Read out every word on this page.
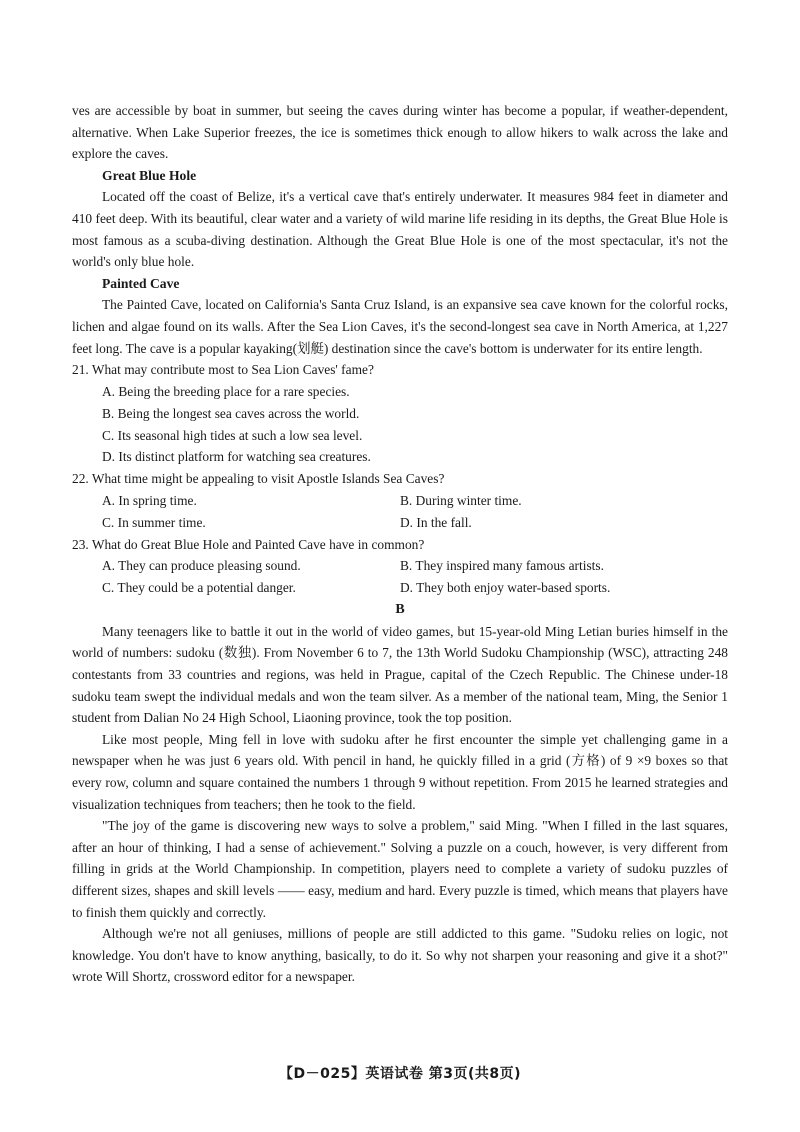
ves are accessible by boat in summer, but seeing the caves during winter has become a popular, if weather-dependent, alternative. When Lake Superior freezes, the ice is sometimes thick enough to allow hikers to walk across the lake and explore the caves.

Great Blue Hole

Located off the coast of Belize, it's a vertical cave that's entirely underwater. It measures 984 feet in diameter and 410 feet deep. With its beautiful, clear water and a variety of wild marine life residing in its depths, the Great Blue Hole is most famous as a scuba-diving destination. Although the Great Blue Hole is one of the most spectacular, it's not the world's only blue hole.

Painted Cave

The Painted Cave, located on California's Santa Cruz Island, is an expansive sea cave known for the colorful rocks, lichen and algae found on its walls. After the Sea Lion Caves, it's the second-longest sea cave in North America, at 1,227 feet long. The cave is a popular kayaking(划艇) destination since the cave's bottom is underwater for its entire length.

21. What may contribute most to Sea Lion Caves' fame?
A. Being the breeding place for a rare species.
B. Being the longest sea caves across the world.
C. Its seasonal high tides at such a low sea level.
D. Its distinct platform for watching sea creatures.
22. What time might be appealing to visit Apostle Islands Sea Caves?
A. In spring time.	B. During winter time.
C. In summer time.	D. In the fall.
23. What do Great Blue Hole and Painted Cave have in common?
A. They can produce pleasing sound.	B. They inspired many famous artists.
C. They could be a potential danger.	D. They both enjoy water-based sports.
B

Many teenagers like to battle it out in the world of video games, but 15-year-old Ming Letian buries himself in the world of numbers: sudoku (数独). From November 6 to 7, the 13th World Sudoku Championship (WSC), attracting 248 contestants from 33 countries and regions, was held in Prague, capital of the Czech Republic. The Chinese under-18 sudoku team swept the individual medals and won the team silver. As a member of the national team, Ming, the Senior 1 student from Dalian No 24 High School, Liaoning province, took the top position.

Like most people, Ming fell in love with sudoku after he first encounter the simple yet challenging game in a newspaper when he was just 6 years old. With pencil in hand, he quickly filled in a grid (方格) of 9 ×9 boxes so that every row, column and square contained the numbers 1 through 9 without repetition. From 2015 he learned strategies and visualization techniques from teachers; then he took to the field.

"The joy of the game is discovering new ways to solve a problem," said Ming. "When I filled in the last squares, after an hour of thinking, I had a sense of achievement." Solving a puzzle on a couch, however, is very different from filling in grids at the World Championship. In competition, players need to complete a variety of sudoku puzzles of different sizes, shapes and skill levels —— easy, medium and hard. Every puzzle is timed, which means that players have to finish them quickly and correctly.

Although we're not all geniuses, millions of people are still addicted to this game. "Sudoku relies on logic, not knowledge. You don't have to know anything, basically, to do it. So why not sharpen your reasoning and give it a shot?" wrote Will Shortz, crossword editor for a newspaper.

【D－025】英语试卷 第3页(共8页)
